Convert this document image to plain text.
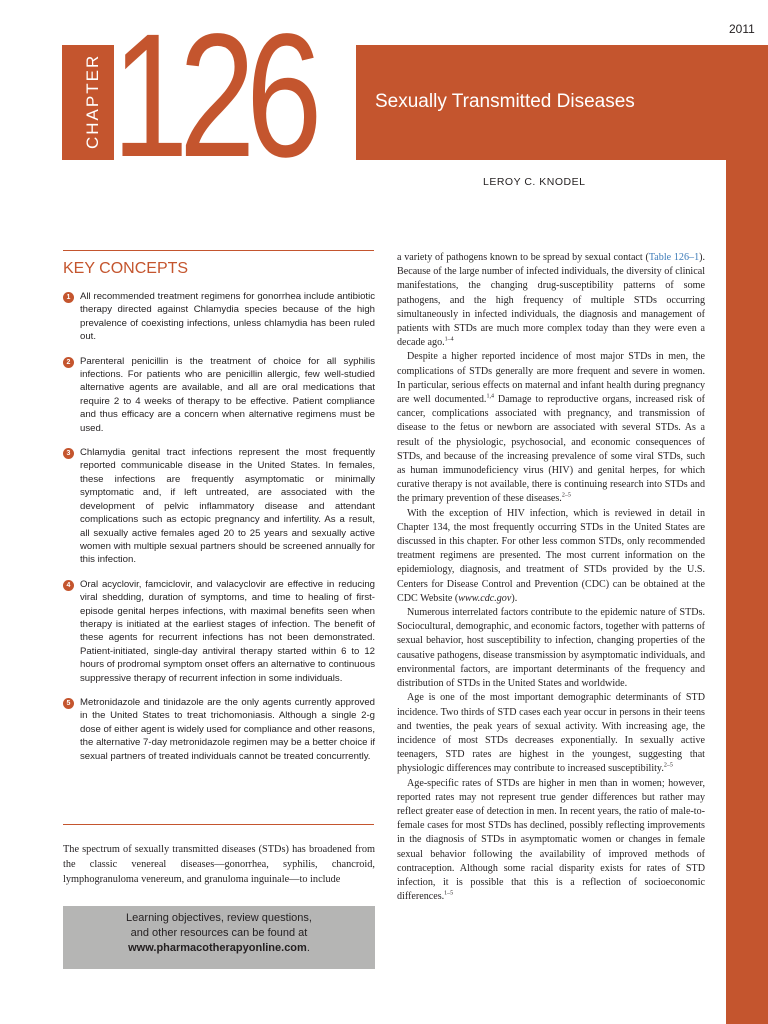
2011
CHAPTER 126	Sexually Transmitted Diseases
LEROY C. KNODEL
KEY CONCEPTS
1 All recommended treatment regimens for gonorrhea include antibiotic therapy directed against Chlamydia species because of the high prevalence of coexisting infections, unless chlamydia has been ruled out.
2 Parenteral penicillin is the treatment of choice for all syphilis infections. For patients who are penicillin allergic, few well-studied alternative agents are available, and all are oral medications that require 2 to 4 weeks of therapy to be effective. Patient compliance and thus efficacy are a concern when alternative regimens must be used.
3 Chlamydia genital tract infections represent the most frequently reported communicable disease in the United States. In females, these infections are frequently asymptomatic or minimally symptomatic and, if left untreated, are associated with the development of pelvic inflammatory disease and attendant complications such as ectopic pregnancy and infertility. As a result, all sexually active females aged 20 to 25 years and sexually active women with multiple sexual partners should be screened annually for this infection.
4 Oral acyclovir, famciclovir, and valacyclovir are effective in reducing viral shedding, duration of symptoms, and time to healing of first-episode genital herpes infections, with maximal benefits seen when therapy is initiated at the earliest stages of infection. The benefit of these agents for recurrent infections has not been demonstrated. Patient-initiated, single-day antiviral therapy started within 6 to 12 hours of prodromal symptom onset offers an alternative to continuous suppressive therapy of recurrent infection in some individuals.
5 Metronidazole and tinidazole are the only agents currently approved in the United States to treat trichomoniasis. Although a single 2-g dose of either agent is widely used for compliance and other reasons, the alternative 7-day metronidazole regimen may be a better choice if sexual partners of treated individuals cannot be treated concurrently.
The spectrum of sexually transmitted diseases (STDs) has broadened from the classic venereal diseases—gonorrhea, syphilis, chancroid, lymphogranuloma venereum, and granuloma inguinale—to include
Learning objectives, review questions,
and other resources can be found at
www.pharmacotherapyonline.com.

a variety of pathogens known to be spread by sexual contact (Table 126–1). Because of the large number of infected individuals, the diversity of clinical manifestations, the changing drug-susceptibility patterns of some pathogens, and the high frequency of multiple STDs occurring simultaneously in infected individuals, the diagnosis and management of patients with STDs are much more complex today than they were even a decade ago.$^{1-4}$

Despite a higher reported incidence of most major STDs in men, the complications of STDs generally are more frequent and severe in women. In particular, serious effects on maternal and infant health during pregnancy are well documented.$^{1,4}$ Damage to reproductive organs, increased risk of cancer, complications associated with pregnancy, and transmission of disease to the fetus or newborn are associated with several STDs. As a result of the physiologic, psychosocial, and economic consequences of STDs, and because of the increasing prevalence of some viral STDs, such as human immunodeficiency virus (HIV) and genital herpes, for which curative therapy is not available, there is continuing research into STDs and the primary prevention of these diseases.$^{2-5}$

With the exception of HIV infection, which is reviewed in detail in Chapter 134, the most frequently occurring STDs in the United States are discussed in this chapter. For other less common STDs, only recommended treatment regimens are presented. The most current information on the epidemiology, diagnosis, and treatment of STDs provided by the U.S. Centers for Disease Control and Prevention (CDC) can be obtained at the CDC Website (www.cdc.gov).

Numerous interrelated factors contribute to the epidemic nature of STDs. Sociocultural, demographic, and economic factors, together with patterns of sexual behavior, host susceptibility to infection, changing properties of the causative pathogens, disease transmission by asymptomatic individuals, and environmental factors, are important determinants of the frequency and distribution of STDs in the United States and worldwide.

Age is one of the most important demographic determinants of STD incidence. Two thirds of STD cases each year occur in persons in their teens and twenties, the peak years of sexual activity. With increasing age, the incidence of most STDs decreases exponentially. In sexually active teenagers, STD rates are highest in the youngest, suggesting that physiologic differences may contribute to increased susceptibility.$^{2-5}$

Age-specific rates of STDs are higher in men than in women; however, reported rates may not represent true gender differences but rather may reflect greater ease of detection in men. In recent years, the ratio of male-to-female cases for most STDs has declined, possibly reflecting improvements in the diagnosis of STDs in asymptomatic women or changes in female sexual behavior following the availability of improved methods of contraception. Although some racial disparity exists for rates of STD infection, it is possible that this is a reflection of socioeconomic differences.$^{1-5}$
